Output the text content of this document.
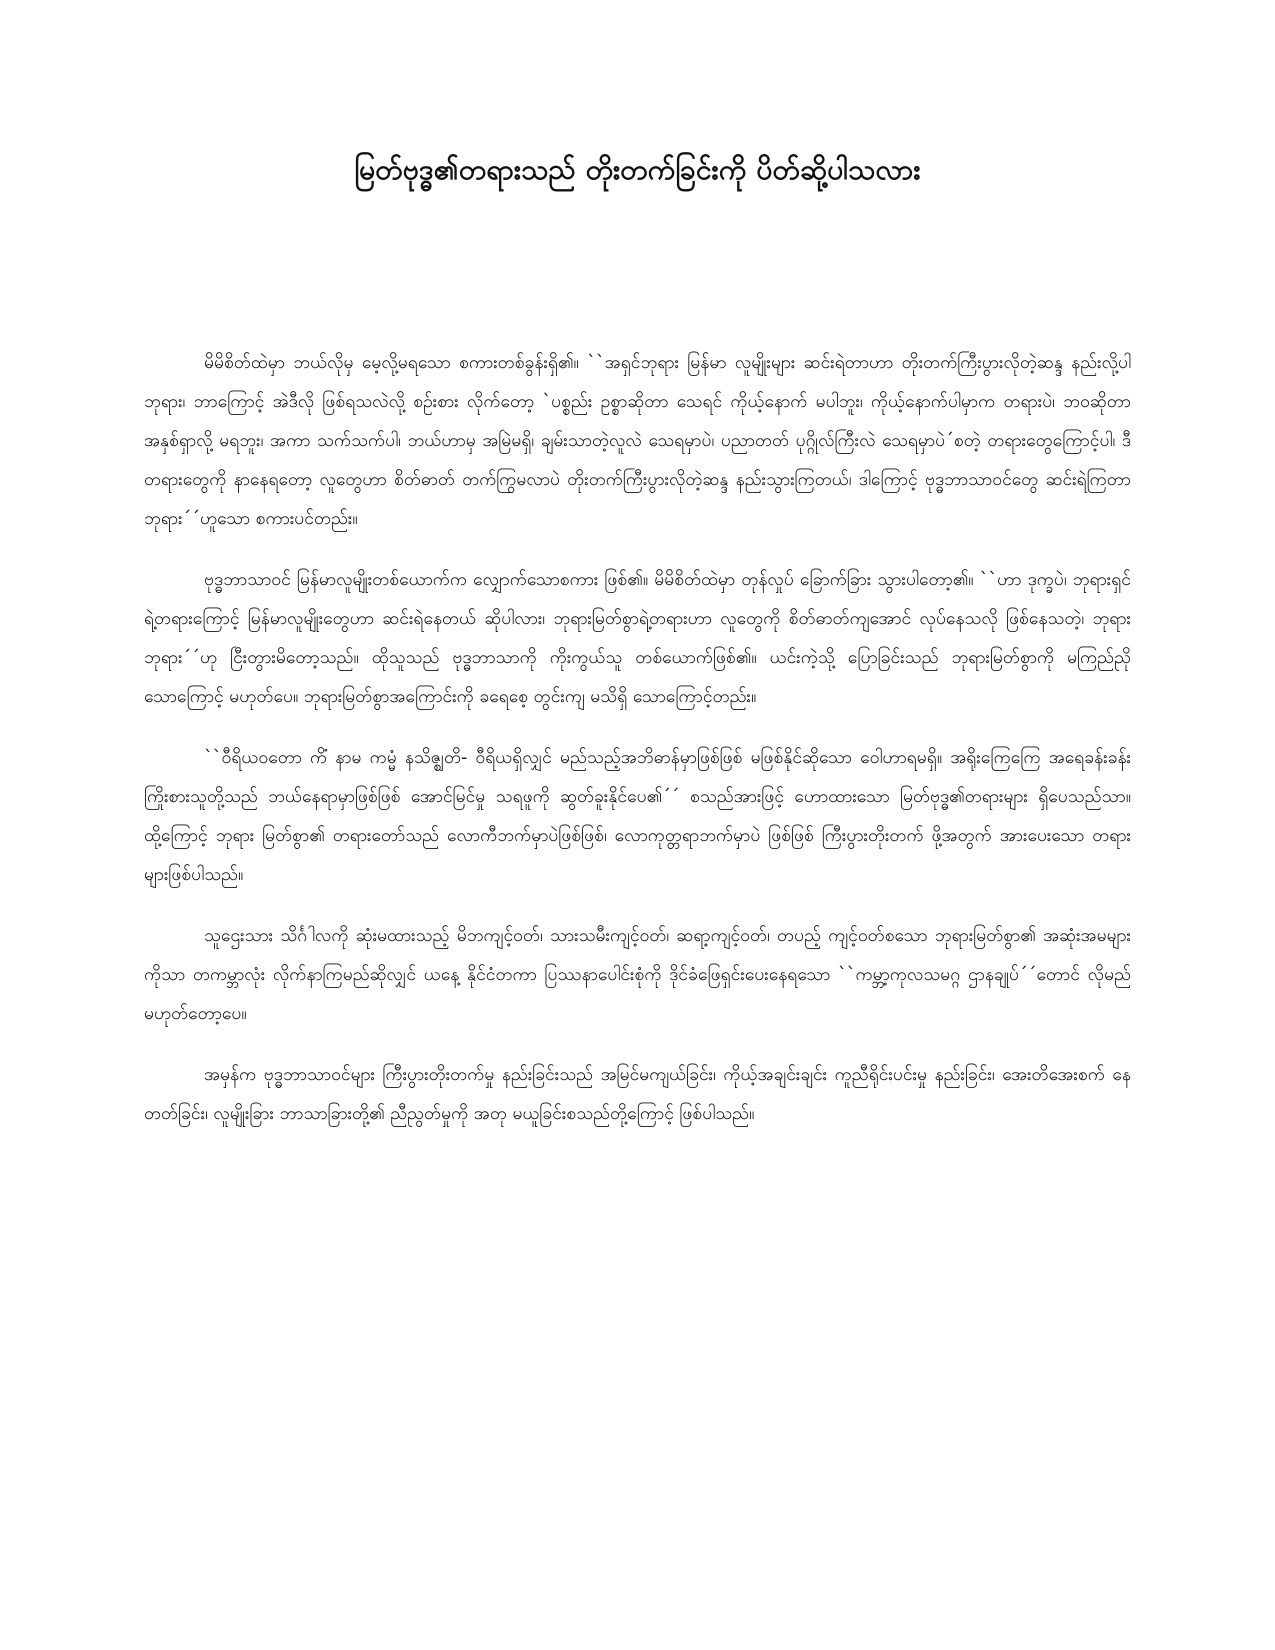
မြတ်ဗုဒ္ဓ၏တရားသည် တိုးတက်ခြင်းကို ပိတ်ဆို့ပါသလား

မိမိစိတ်ထဲမှာ ဘယ်လိုမှ မေ့လို့မရသော စကားတစ်ခွန်းရှိ၏။ ``အရှင်ဘုရား မြန်မာ လူမျိုးများ ဆင်းရဲတာဟာ တိုးတက်ကြီးပွားလိုတဲ့ဆန္ဒ နည်းလို့ပါဘုရား၊ ဘာကြောင့် အဲဒီလို ဖြစ်ရသလဲလို့ စဉ်းစား လိုက်တော့ `ပစ္စည်း ဥစ္စာဆိုတာ သေရင် ကိုယ့်နောက် မပါဘူး၊ ကိုယ့်နောက်ပါမှာက တရားပဲ၊ ဘဝဆိုတာ အနှစ်ရှာလို့ မရဘူး၊ အကာ သက်သက်ပါ၊ ဘယ်ဟာမှ အမြဲမရှိ၊ ချမ်းသာတဲ့လူလဲ သေရမှာပဲ၊ ပညာတတ် ပုဂ္ဂိုလ်ကြီးလဲ သေရမှာပဲ´စတဲ့ တရားတွေကြောင့်ပါ၊ ဒီတရားတွေကို နာနေရတော့ လူတွေဟာ စိတ်ဓာတ် တက်ကြွမလာပဲ တိုးတက်ကြီးပွားလိုတဲ့ဆန္ဒ နည်းသွားကြတယ်၊ ဒါကြောင့် ဗုဒ္ဓဘာသာဝင်တွေ ဆင်းရဲကြတာဘုရား´´ဟူသော စကားပင်တည်း။

ဗုဒ္ဓဘာသာဝင် မြန်မာလူမျိုးတစ်ယောက်က လျှောက်သောစကား ဖြစ်၏။ မိမိစိတ်ထဲမှာ တုန်လှုပ် ခြောက်ခြား သွားပါတော့၏။ ``ဟာ ဒုက္ခပဲ၊ ဘုရားရှင်ရဲ့တရားကြောင့် မြန်မာလူမျိုးတွေဟာ ဆင်းရဲနေတယ် ဆိုပါလား၊ ဘုရားမြတ်စွာရဲ့တရားဟာ လူတွေကို စိတ်ဓာတ်ကျအောင် လုပ်နေသလို ဖြစ်နေသတဲ့၊ ဘုရား ဘုရား´´ဟု ငြီးတွားမိတော့သည်။ ထိုသူသည် ဗုဒ္ဓဘာသာကို ကိုးကွယ်သူ တစ်ယောက်ဖြစ်၏။ ယင်းကဲ့သို့ ပြောခြင်းသည် ဘုရားမြတ်စွာကို မကြည်ညိုသောကြောင့် မဟုတ်ပေ။ ဘုရားမြတ်စွာအကြောင်းကို ခရေစေ့ တွင်းကျ မသိရှိ သောကြောင့်တည်း။

``ဝီရိယ၀တော ကိံ နာမ ကမ္မံ နသိဇ္ဈတိ- ဝီရိယရှိလျှင် မည်သည့်အဘိဓာန်မှာဖြစ်ဖြစ် မဖြစ်နိုင်ဆိုသော ဝေါဟာရမရှိ။ အရိုးကြေကြေ အရေခန်းခန်း ကြိုးစားသူတို့သည် ဘယ်နေရာမှာဖြစ်ဖြစ် အောင်မြင်မှု သရဖူကို ဆွတ်ခူးနိုင်ပေ၏´´ စသည်အားဖြင့် ဟောထားသော မြတ်ဗုဒ္ဓ၏တရားများ ရှိပေသည်သာ။ ထို့ကြောင့် ဘုရား မြတ်စွာ၏ တရားတော်သည် လောကီဘက်မှာပဲဖြစ်ဖြစ်၊ လောကုတ္တရာဘက်မှာပဲ ဖြစ်ဖြစ် ကြီးပွားတိုးတက် ဖို့အတွက် အားပေးသော တရားများဖြစ်ပါသည်။

သူဌေးသား သိင်္ဂါလကို ဆုံးမထားသည့် မိဘကျင့်ဝတ်၊ သားသမီးကျင့်ဝတ်၊ ဆရာ့ကျင့်ဝတ်၊ တပည့် ကျင့်ဝတ်စသော ဘုရားမြတ်စွာ၏ အဆုံးအမများကိုသာ တကမ္ဘာလုံး လိုက်နာကြမည်ဆိုလျှင် ယနေ့ နိုင်ငံတကာ ပြဿနာပေါင်းစုံကို ဒိုင်ခံဖြေရှင်းပေးနေရသော ``ကမ္ဘာ့ကုလသမဂ္ဂ ဌာနချုပ်´´တောင် လိုမည် မဟုတ်တော့ပေ။

အမှန်က ဗုဒ္ဓဘာသာဝင်များ ကြီးပွားတိုးတက်မှု နည်းခြင်းသည် အမြင်မကျယ်ခြင်း၊ ကိုယ့်အချင်းချင်း ကူညီရိုင်းပင်းမှု နည်းခြင်း၊ အေးတိအေးစက် နေတတ်ခြင်း၊ လူမျိုးခြား ဘာသာခြားတို့၏ ညီညွတ်မှုကို အတု မယူခြင်းစသည်တို့ကြောင့် ဖြစ်ပါသည်။
